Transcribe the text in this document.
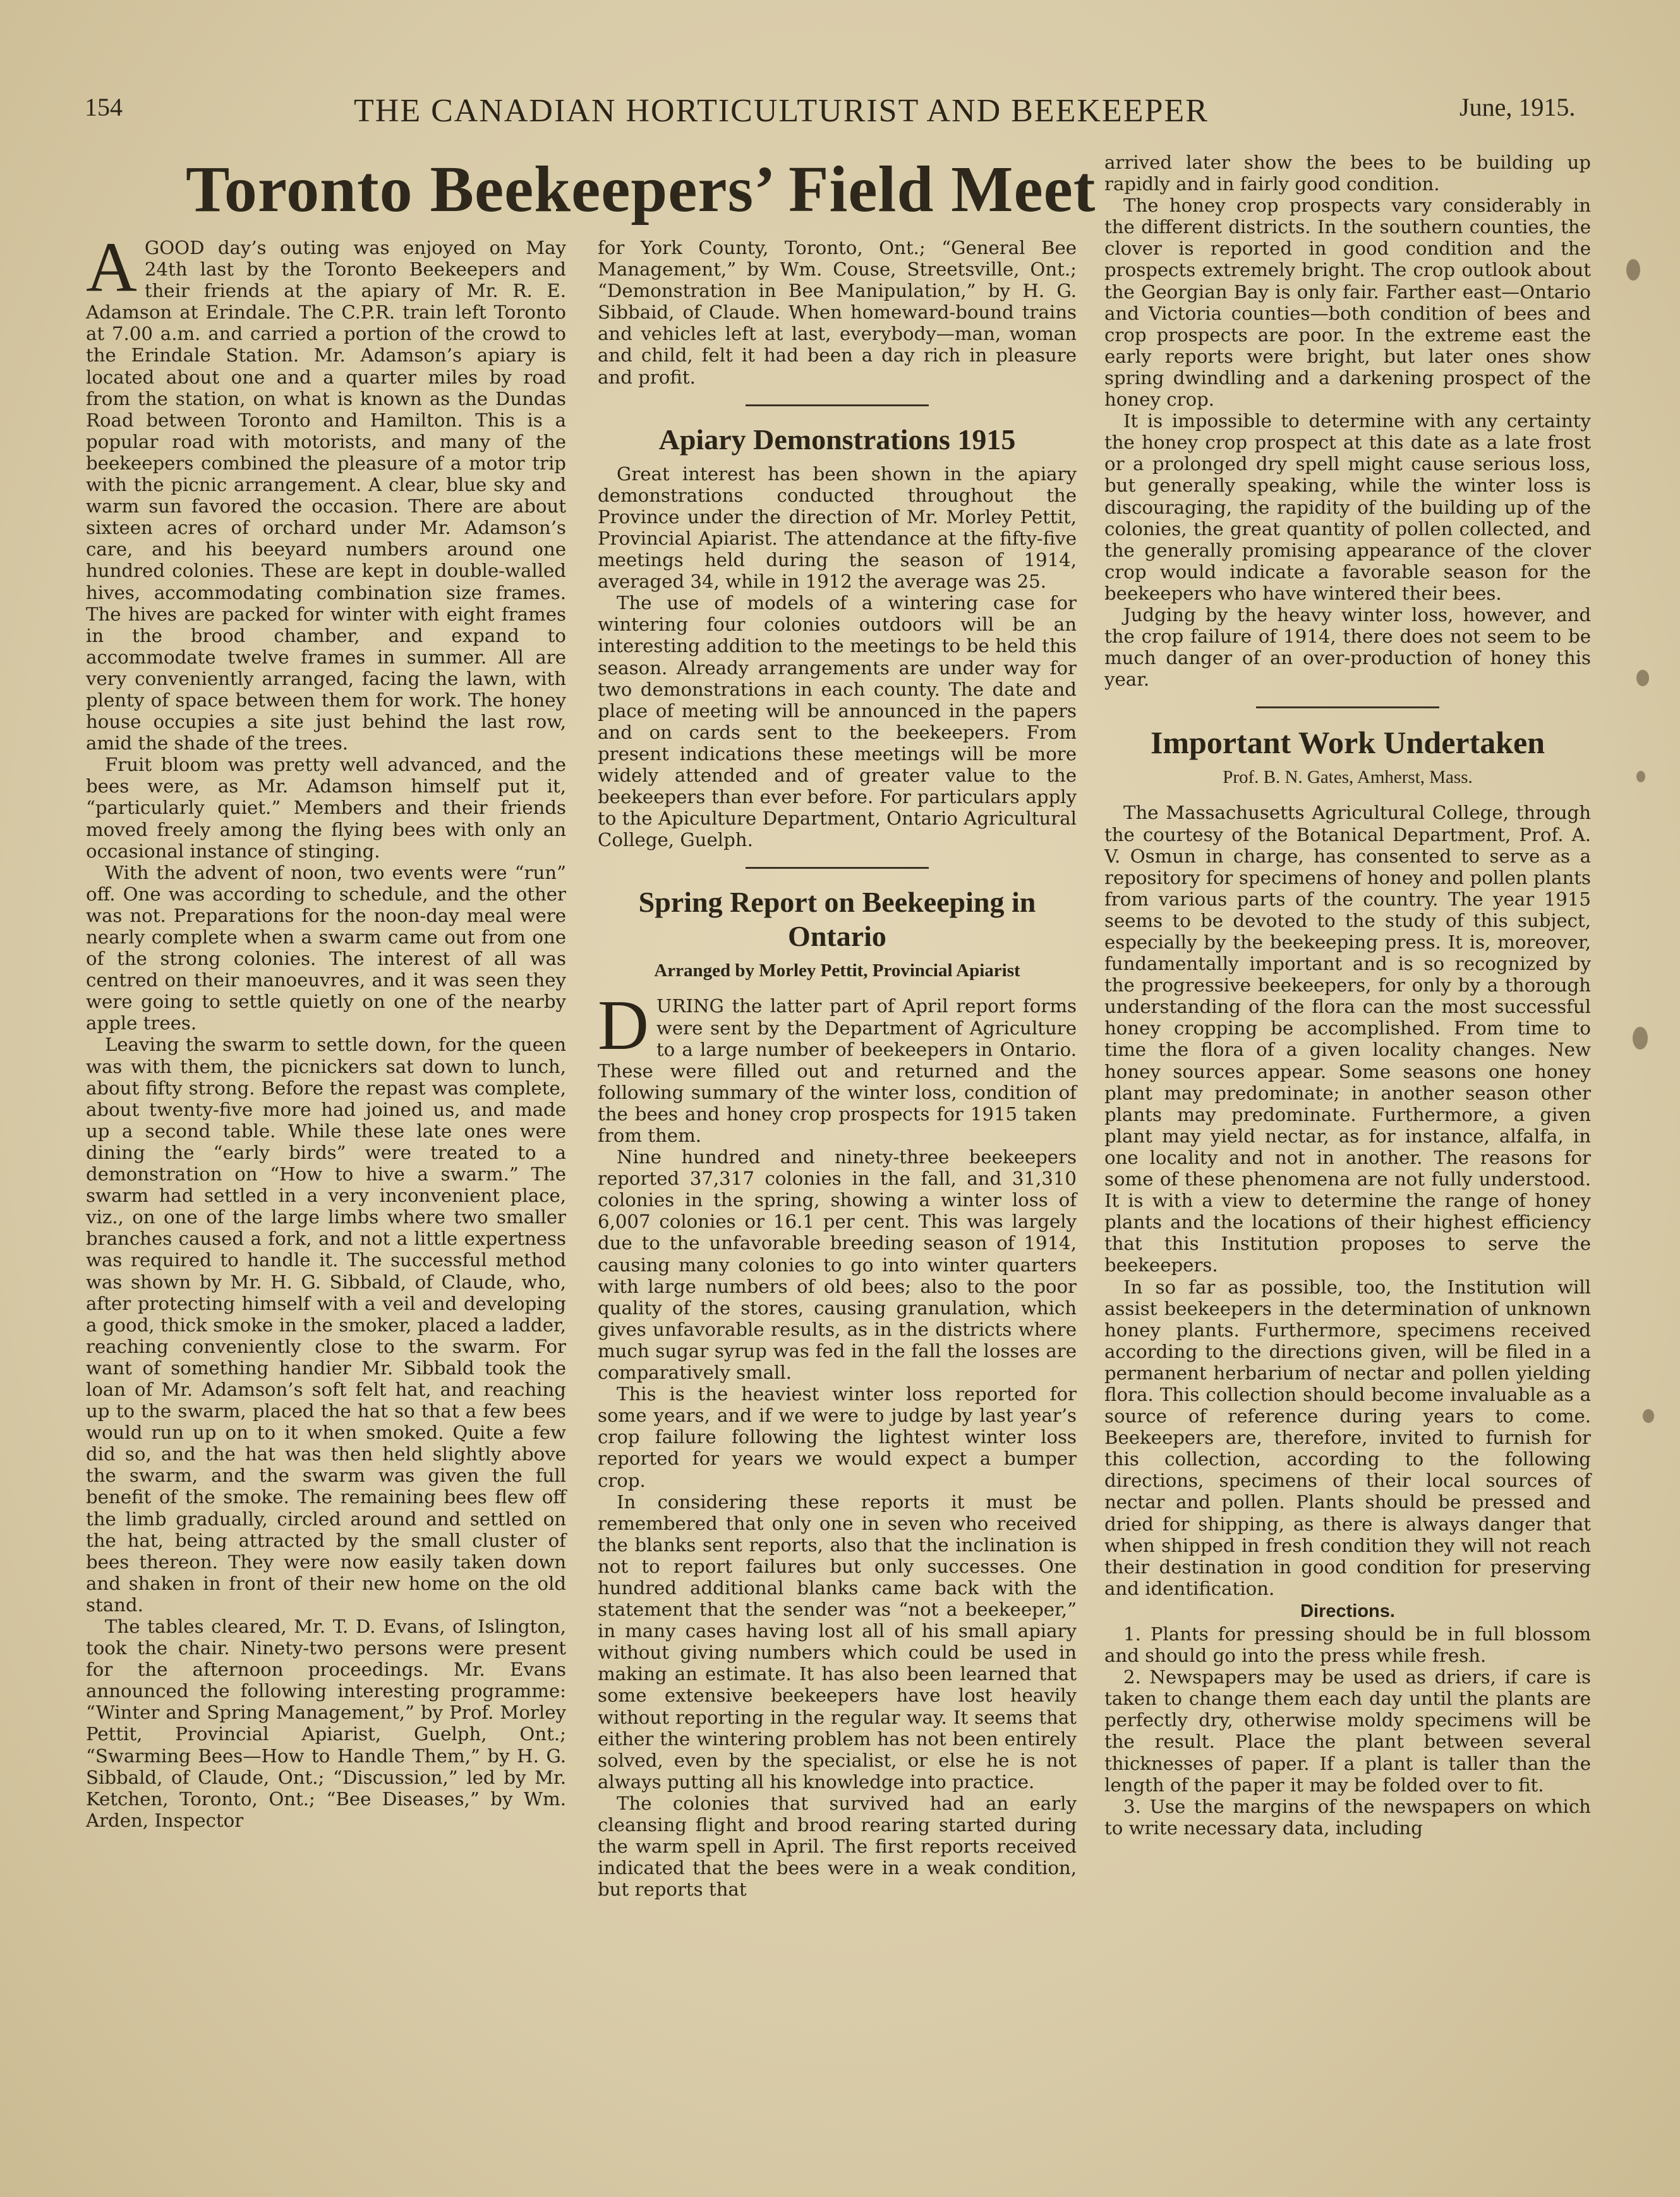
154	THE CANADIAN HORTICULTURIST AND BEEKEEPER	June, 1915.
Toronto Beekeepers’ Field Meet

AGOOD day’s outing was enjoyed on May 24th last by the Toronto Beekeepers and their friends at the apiary of Mr. R. E. Adamson at Erindale. The C.P.R. train left Toronto at 7.00 a.m. and carried a portion of the crowd to the Erindale Station. Mr. Adamson’s apiary is located about one and a quarter miles by road from the station, on what is known as the Dundas Road between Toronto and Hamilton. This is a popular road with motorists, and many of the beekeepers combined the pleasure of a motor trip with the picnic arrangement. A clear, blue sky and warm sun favored the occasion. There are about sixteen acres of orchard under Mr. Adamson’s care, and his beeyard numbers around one hundred colonies. These are kept in double-walled hives, accommodating combination size frames. The hives are packed for winter with eight frames in the brood chamber, and expand to accommodate twelve frames in summer. All are very conveniently arranged, facing the lawn, with plenty of space between them for work. The honey house occupies a site just behind the last row, amid the shade of the trees.

Fruit bloom was pretty well advanced, and the bees were, as Mr. Adamson himself put it, “particularly quiet.” Members and their friends moved freely among the flying bees with only an occasional instance of stinging.

With the advent of noon, two events were “run” off. One was according to schedule, and the other was not. Preparations for the noon-day meal were nearly complete when a swarm came out from one of the strong colonies. The interest of all was centred on their manoeuvres, and it was seen they were going to settle quietly on one of the nearby apple trees.

Leaving the swarm to settle down, for the queen was with them, the picnickers sat down to lunch, about fifty strong. Before the repast was complete, about twenty-five more had joined us, and made up a second table. While these late ones were dining the “early birds” were treated to a demonstration on “How to hive a swarm.” The swarm had settled in a very inconvenient place, viz., on one of the large limbs where two smaller branches caused a fork, and not a little expertness was required to handle it. The successful method was shown by Mr. H. G. Sibbald, of Claude, who, after protecting himself with a veil and developing a good, thick smoke in the smoker, placed a ladder, reaching conveniently close to the swarm. For want of something handier Mr. Sibbald took the loan of Mr. Adamson’s soft felt hat, and reaching up to the swarm, placed the hat so that a few bees would run up on to it when smoked. Quite a few did so, and the hat was then held slightly above the swarm, and the swarm was given the full benefit of the smoke. The remaining bees flew off the limb gradually, circled around and settled on the hat, being attracted by the small cluster of bees thereon. They were now easily taken down and shaken in front of their new home on the old stand.

The tables cleared, Mr. T. D. Evans, of Islington, took the chair. Ninety-two persons were present for the afternoon proceedings. Mr. Evans announced the following interesting programme: “Winter and Spring Management,” by Prof. Morley Pettit, Provincial Apiarist, Guelph, Ont.; “Swarming Bees—How to Handle Them,” by H. G. Sibbald, of Claude, Ont.; “Discussion,” led by Mr. Ketchen, Toronto, Ont.; “Bee Diseases,” by Wm. Arden, Inspector

for York County, Toronto, Ont.; “General Bee Management,” by Wm. Couse, Streetsville, Ont.; “Demonstration in Bee Manipulation,” by H. G. Sibbaid, of Claude. When homeward-bound trains and vehicles left at last, everybody—man, woman and child, felt it had been a day rich in pleasure and profit.

Apiary Demonstrations 1915

Great interest has been shown in the apiary demonstrations conducted throughout the Province under the direction of Mr. Morley Pettit, Provincial Apiarist. The attendance at the fifty-five meetings held during the season of 1914, averaged 34, while in 1912 the average was 25.

The use of models of a wintering case for wintering four colonies outdoors will be an interesting addition to the meetings to be held this season. Already arrangements are under way for two demonstrations in each county. The date and place of meeting will be announced in the papers and on cards sent to the beekeepers. From present indications these meetings will be more widely attended and of greater value to the beekeepers than ever before. For particulars apply to the Apiculture Department, Ontario Agricultural College, Guelph.

Spring Report on Beekeeping in Ontario
Arranged by Morley Pettit, Provincial Apiarist

DURING the latter part of April report forms were sent by the Department of Agriculture to a large number of beekeepers in Ontario. These were filled out and returned and the following summary of the winter loss, condition of the bees and honey crop prospects for 1915 taken from them.

Nine hundred and ninety-three beekeepers reported 37,317 colonies in the fall, and 31,310 colonies in the spring, showing a winter loss of 6,007 colonies or 16.1 per cent. This was largely due to the unfavorable breeding season of 1914, causing many colonies to go into winter quarters with large numbers of old bees; also to the poor quality of the stores, causing granulation, which gives unfavorable results, as in the districts where much sugar syrup was fed in the fall the losses are comparatively small.

This is the heaviest winter loss reported for some years, and if we were to judge by last year’s crop failure following the lightest winter loss reported for years we would expect a bumper crop.

In considering these reports it must be remembered that only one in seven who received the blanks sent reports, also that the inclination is not to report failures but only successes. One hundred additional blanks came back with the statement that the sender was “not a beekeeper,” in many cases having lost all of his small apiary without giving numbers which could be used in making an estimate. It has also been learned that some extensive beekeepers have lost heavily without reporting in the regular way. It seems that either the wintering problem has not been entirely solved, even by the specialist, or else he is not always putting all his knowledge into practice.

The colonies that survived had an early cleansing flight and brood rearing started during the warm spell in April. The first reports received indicated that the bees were in a weak condition, but reports that

arrived later show the bees to be building up rapidly and in fairly good condition.

The honey crop prospects vary considerably in the different districts. In the southern counties, the clover is reported in good condition and the prospects extremely bright. The crop outlook about the Georgian Bay is only fair. Farther east—Ontario and Victoria counties—both condition of bees and crop prospects are poor. In the extreme east the early reports were bright, but later ones show spring dwindling and a darkening prospect of the honey crop.

It is impossible to determine with any certainty the honey crop prospect at this date as a late frost or a prolonged dry spell might cause serious loss, but generally speaking, while the winter loss is discouraging, the rapidity of the building up of the colonies, the great quantity of pollen collected, and the generally promising appearance of the clover crop would indicate a favorable season for the beekeepers who have wintered their bees.

Judging by the heavy winter loss, however, and the crop failure of 1914, there does not seem to be much danger of an over-production of honey this year.

Important Work Undertaken
Prof. B. N. Gates, Amherst, Mass.

The Massachusetts Agricultural College, through the courtesy of the Botanical Department, Prof. A. V. Osmun in charge, has consented to serve as a repository for specimens of honey and pollen plants from various parts of the country. The year 1915 seems to be devoted to the study of this subject, especially by the beekeeping press. It is, moreover, fundamentally important and is so recognized by the progressive beekeepers, for only by a thorough understanding of the flora can the most successful honey cropping be accomplished. From time to time the flora of a given locality changes. New honey sources appear. Some seasons one honey plant may predominate; in another season other plants may predominate. Furthermore, a given plant may yield nectar, as for instance, alfalfa, in one locality and not in another. The reasons for some of these phenomena are not fully understood. It is with a view to determine the range of honey plants and the locations of their highest efficiency that this Institution proposes to serve the beekeepers.

In so far as possible, too, the Institution will assist beekeepers in the determination of unknown honey plants. Furthermore, specimens received according to the directions given, will be filed in a permanent herbarium of nectar and pollen yielding flora. This collection should become invaluable as a source of reference during years to come. Beekeepers are, therefore, invited to furnish for this collection, according to the following directions, specimens of their local sources of nectar and pollen. Plants should be pressed and dried for shipping, as there is always danger that when shipped in fresh condition they will not reach their destination in good condition for preserving and identification.

Directions.

1. Plants for pressing should be in full blossom and should go into the press while fresh.

2. Newspapers may be used as driers, if care is taken to change them each day until the plants are perfectly dry, otherwise moldy specimens will be the result. Place the plant between several thicknesses of paper. If a plant is taller than the length of the paper it may be folded over to fit.

3. Use the margins of the newspapers on which to write necessary data, including
